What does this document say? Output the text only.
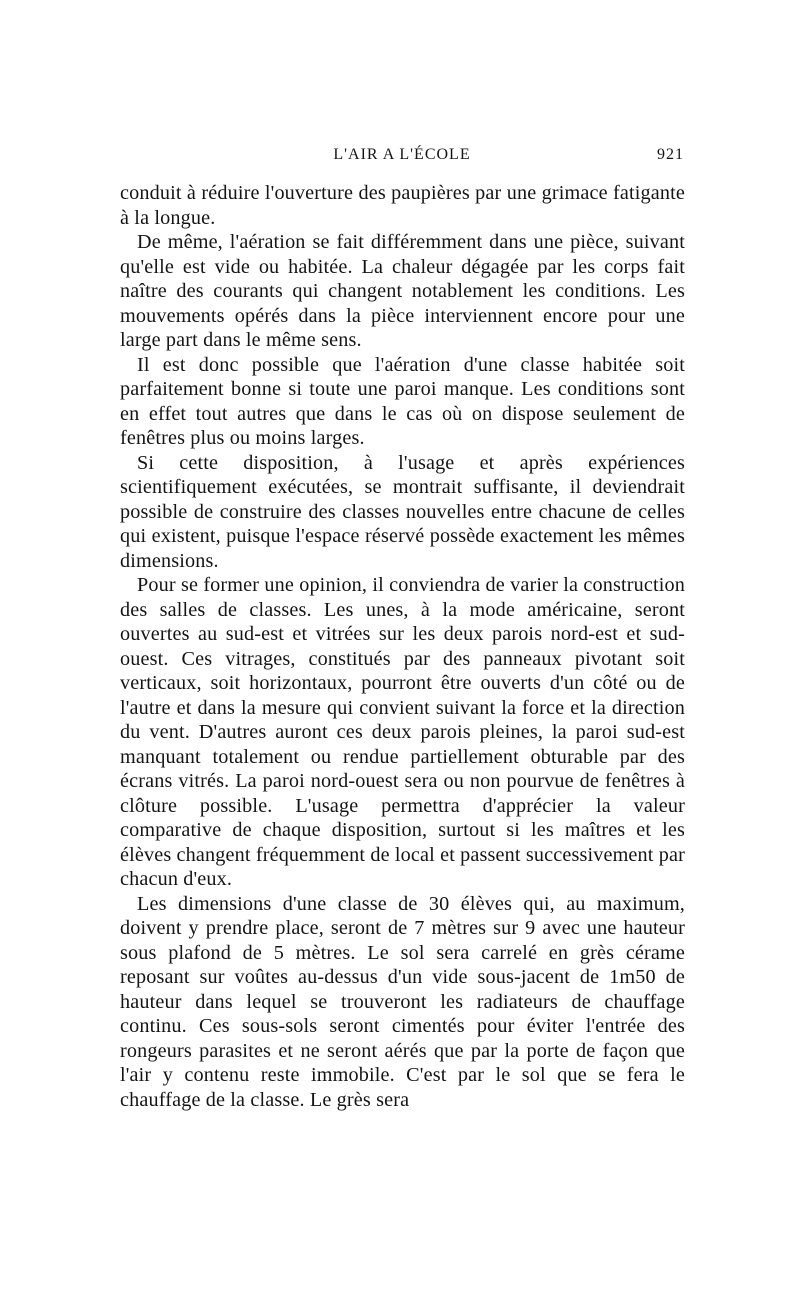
L'AIR A L'ÉCOLE	921

conduit à réduire l'ouverture des paupières par une grimace fatigante à la longue.

De même, l'aération se fait différemment dans une pièce, suivant qu'elle est vide ou habitée. La chaleur dégagée par les corps fait naître des courants qui changent notablement les conditions. Les mouvements opérés dans la pièce interviennent encore pour une large part dans le même sens.

Il est donc possible que l'aération d'une classe habitée soit parfaitement bonne si toute une paroi manque. Les conditions sont en effet tout autres que dans le cas où on dispose seulement de fenêtres plus ou moins larges.

Si cette disposition, à l'usage et après expériences scientifiquement exécutées, se montrait suffisante, il deviendrait possible de construire des classes nouvelles entre chacune de celles qui existent, puisque l'espace réservé possède exactement les mêmes dimensions.

Pour se former une opinion, il conviendra de varier la construction des salles de classes. Les unes, à la mode américaine, seront ouvertes au sud-est et vitrées sur les deux parois nord-est et sud-ouest. Ces vitrages, constitués par des panneaux pivotant soit verticaux, soit horizontaux, pourront être ouverts d'un côté ou de l'autre et dans la mesure qui convient suivant la force et la direction du vent. D'autres auront ces deux parois pleines, la paroi sud-est manquant totalement ou rendue partiellement obturable par des écrans vitrés. La paroi nord-ouest sera ou non pourvue de fenêtres à clôture possible. L'usage permettra d'apprécier la valeur comparative de chaque disposition, surtout si les maîtres et les élèves changent fréquemment de local et passent successivement par chacun d'eux.

Les dimensions d'une classe de 30 élèves qui, au maximum, doivent y prendre place, seront de 7 mètres sur 9 avec une hauteur sous plafond de 5 mètres. Le sol sera carrelé en grès cérame reposant sur voûtes au-dessus d'un vide sous-jacent de 1m50 de hauteur dans lequel se trouveront les radiateurs de chauffage continu. Ces sous-sols seront cimentés pour éviter l'entrée des rongeurs parasites et ne seront aérés que par la porte de façon que l'air y contenu reste immobile. C'est par le sol que se fera le chauffage de la classe. Le grès sera
